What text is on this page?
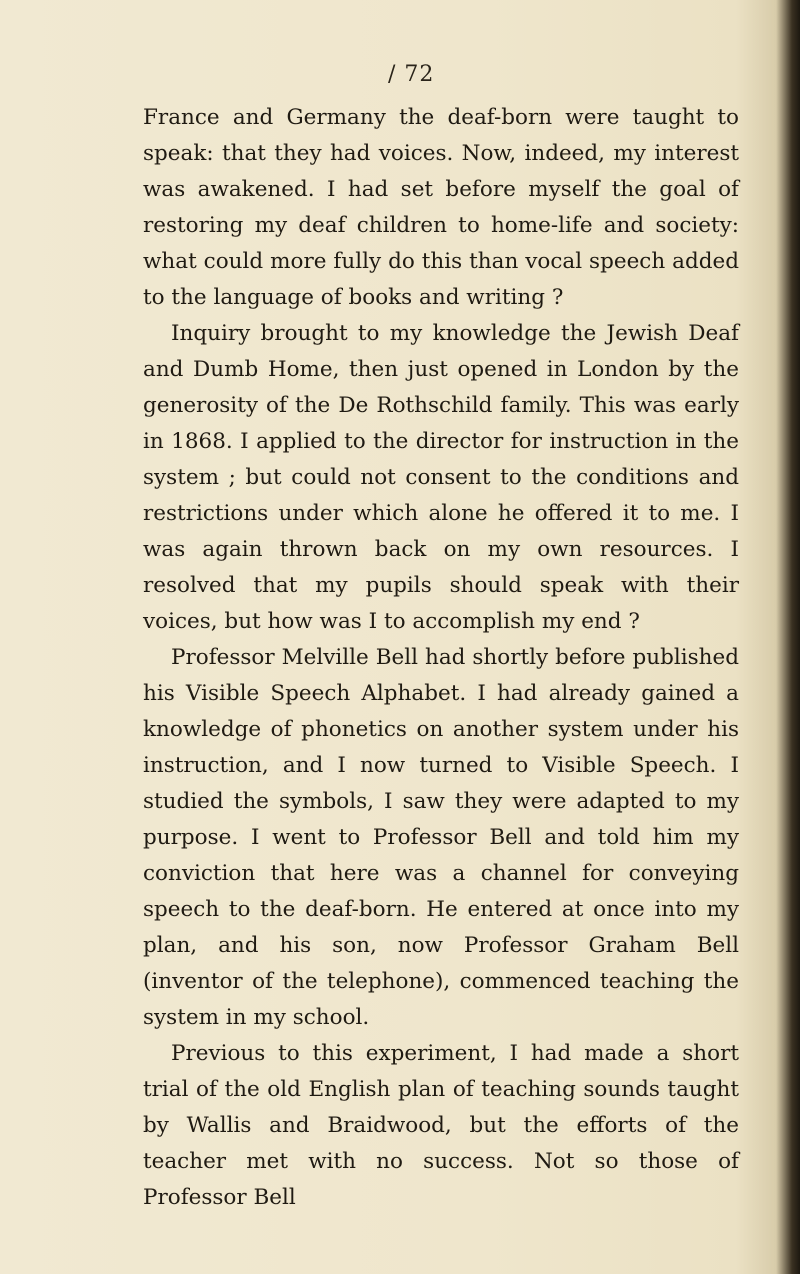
/ 72

France and Germany the deaf-born were taught to speak: that they had voices. Now, indeed, my interest was awakened. I had set before myself the goal of restoring my deaf children to home-life and society: what could more fully do this than vocal speech added to the language of books and writing ?

Inquiry brought to my knowledge the Jewish Deaf and Dumb Home, then just opened in London by the generosity of the De Rothschild family. This was early in 1868. I applied to the director for instruction in the system ; but could not consent to the conditions and restrictions under which alone he offered it to me. I was again thrown back on my own resources. I resolved that my pupils should speak with their voices, but how was I to accomplish my end ?

Professor Melville Bell had shortly before published his Visible Speech Alphabet. I had already gained a knowledge of phonetics on another system under his instruction, and I now turned to Visible Speech. I studied the symbols, I saw they were adapted to my purpose. I went to Professor Bell and told him my conviction that here was a channel for conveying speech to the deaf-born. He entered at once into my plan, and his son, now Professor Graham Bell (inventor of the telephone), commenced teaching the system in my school.

Previous to this experiment, I had made a short trial of the old English plan of teaching sounds taught by Wallis and Braidwood, but the efforts of the teacher met with no success. Not so those of Professor Bell
